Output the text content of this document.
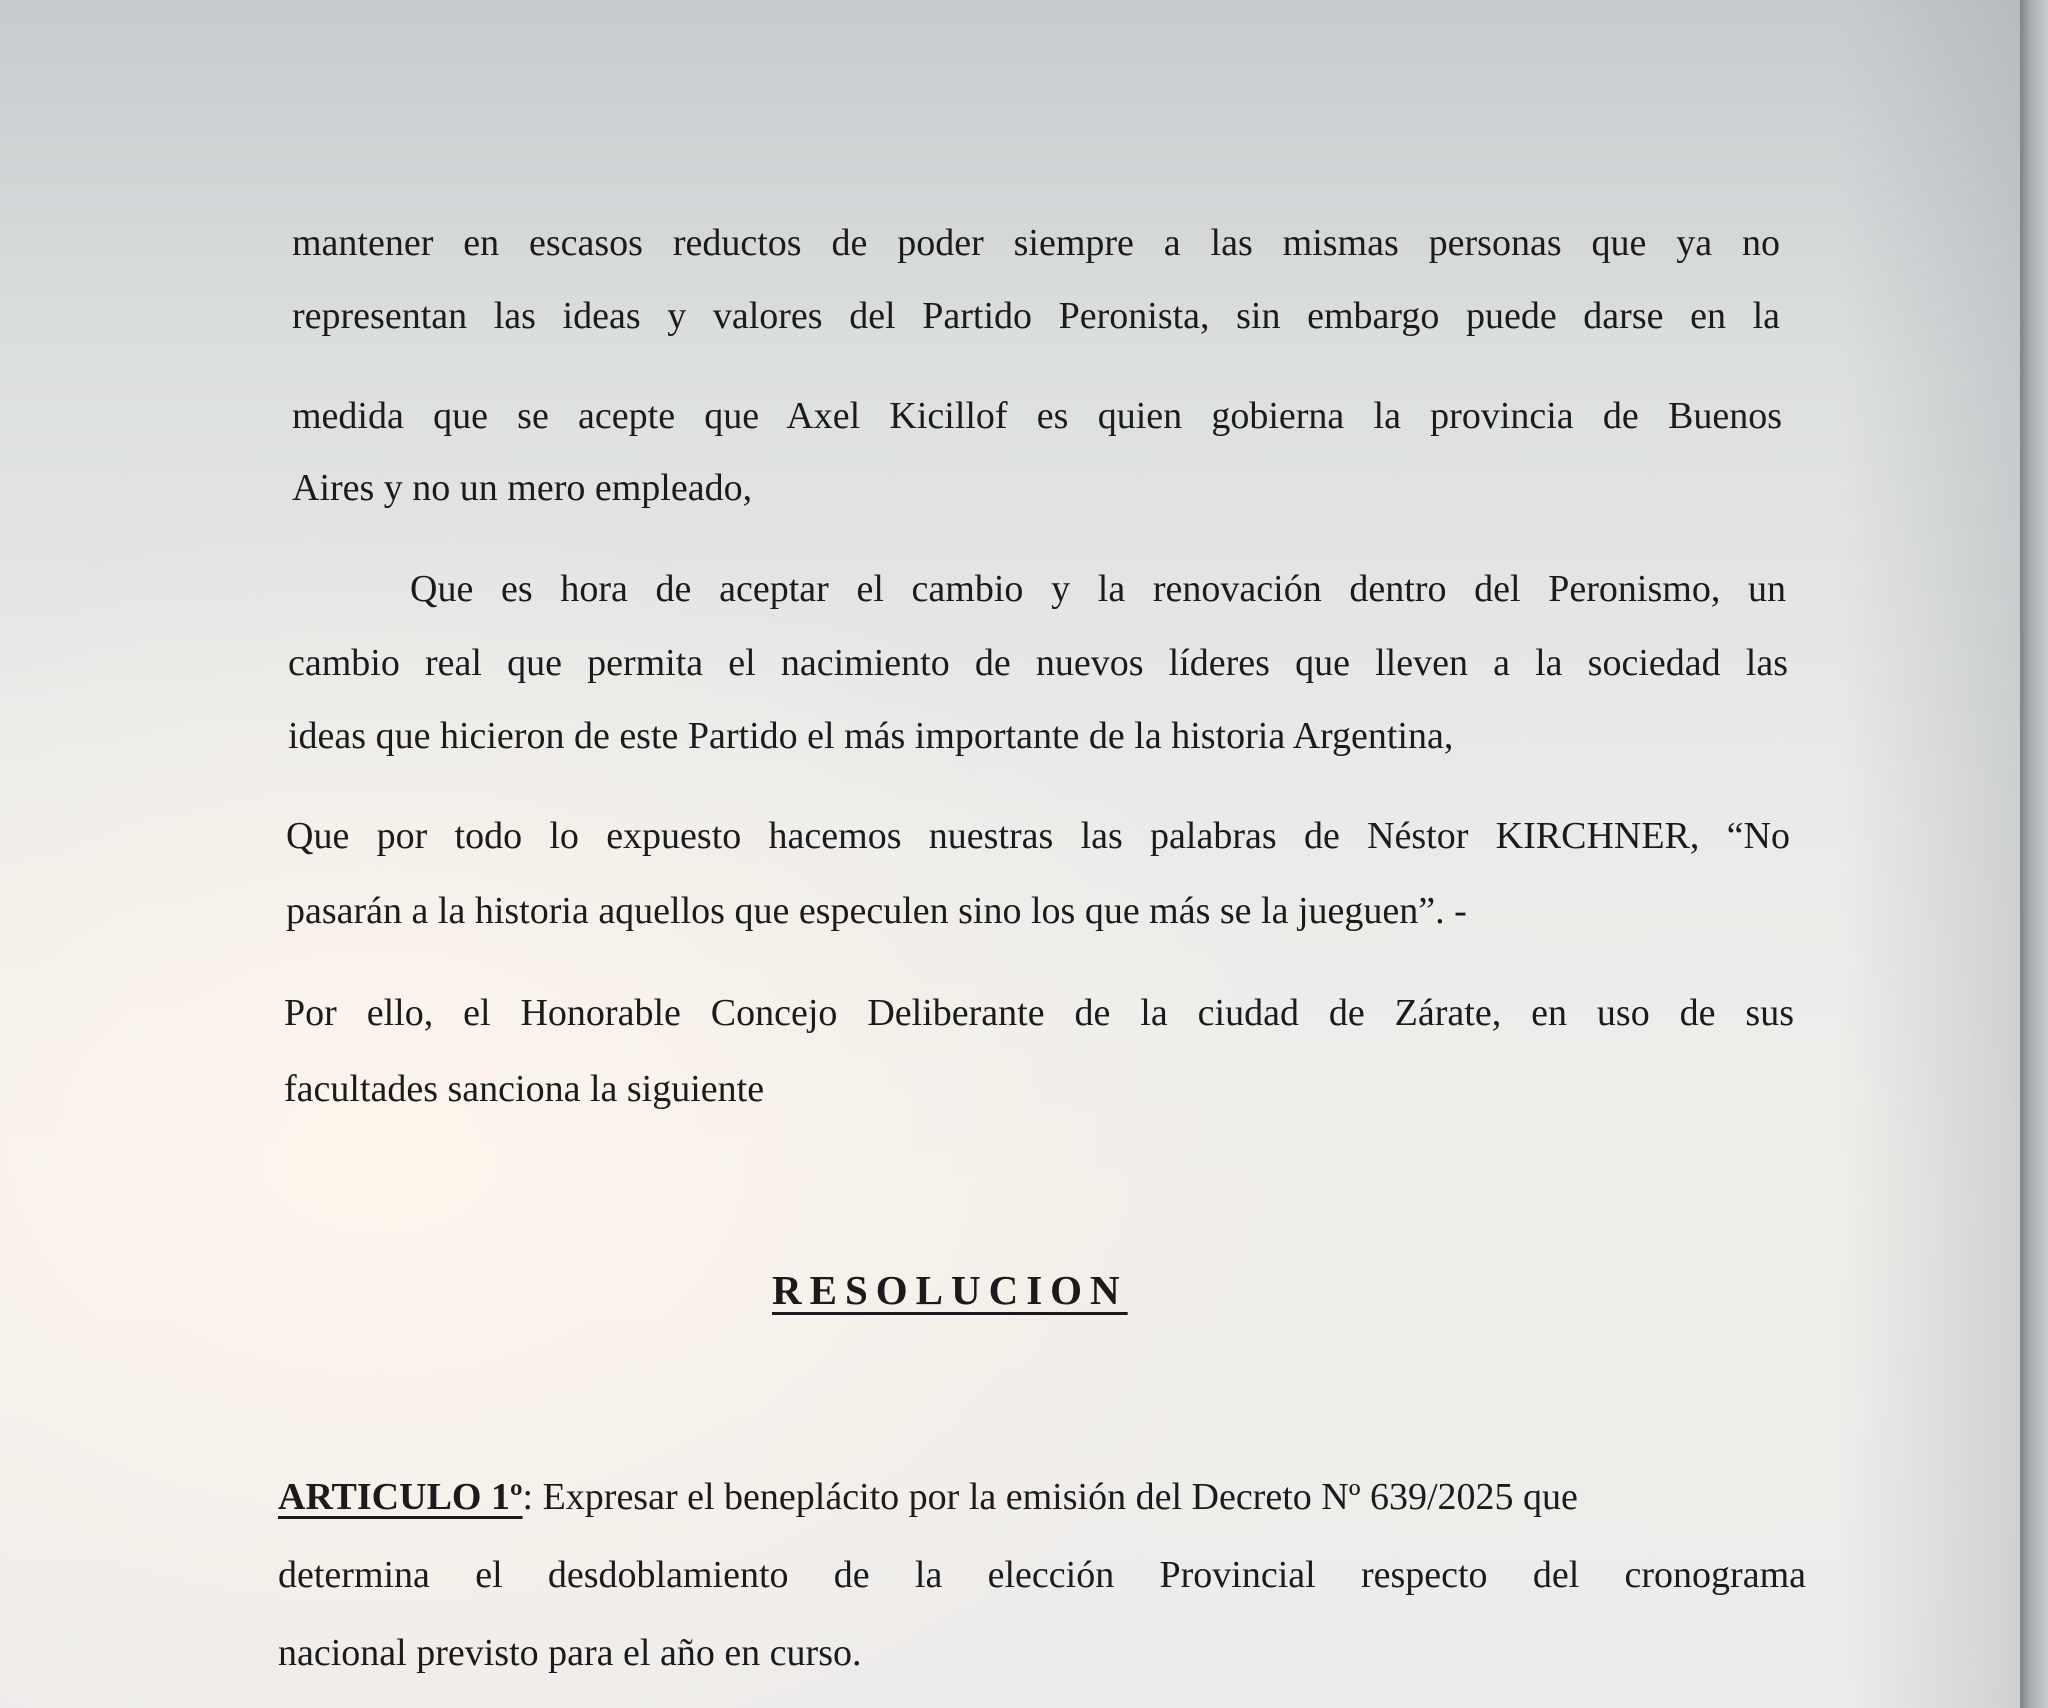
mantener en escasos reductos de poder siempre a las mismas personas que ya no

representan las ideas y valores del Partido Peronista, sin embargo puede darse en la

medida que se acepte que Axel Kicillof es quien gobierna la provincia de Buenos

Aires y no un mero empleado,

Que es hora de aceptar el cambio y la renovación dentro del Peronismo, un

cambio real que permita el nacimiento de nuevos líderes que lleven a la sociedad las

ideas que hicieron de este Partido el más importante de la historia Argentina,

Que por todo lo expuesto hacemos nuestras las palabras de Néstor KIRCHNER, “No

pasarán a la historia aquellos que especulen sino los que más se la jueguen”. -

Por ello, el Honorable Concejo Deliberante de la ciudad de Zárate, en uso de sus

facultades sanciona la siguiente

RESOLUCION

ARTICULO 1º: Expresar el beneplácito por la emisión del Decreto Nº 639/2025 que

determina el desdoblamiento de la elección Provincial respecto del cronograma

nacional previsto para el año en curso.
